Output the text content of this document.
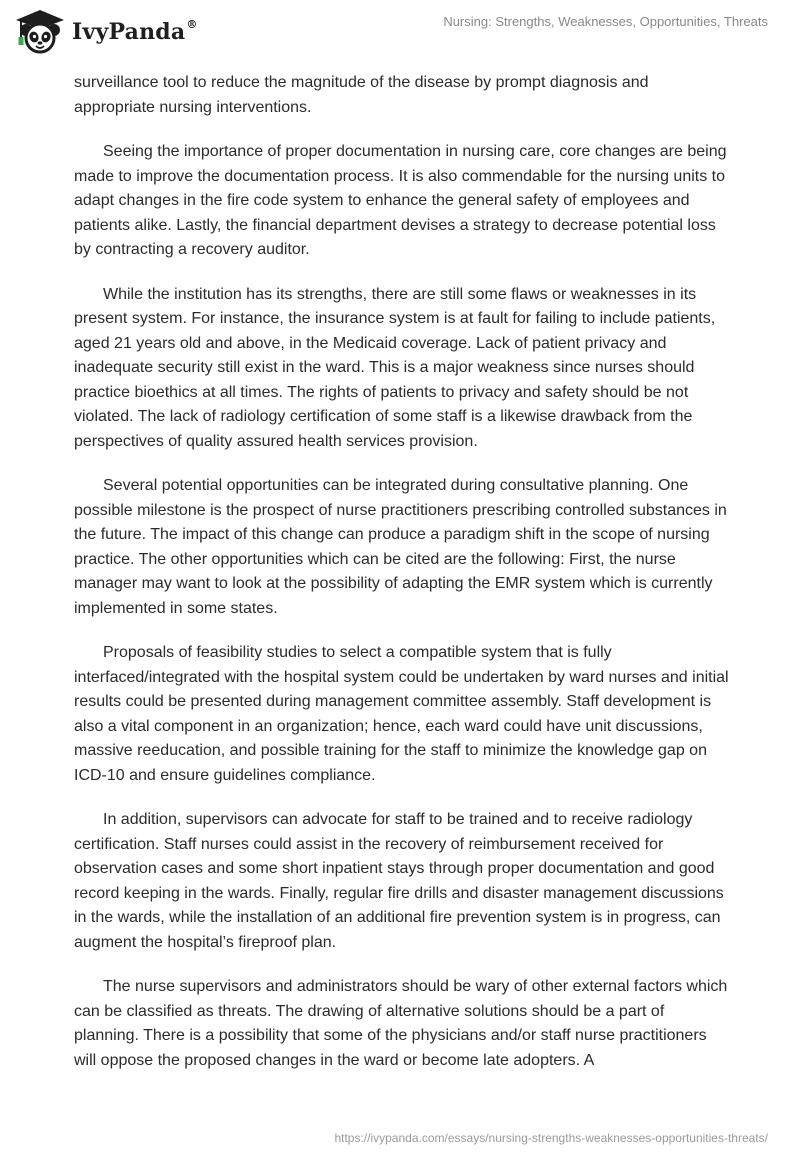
IvyPanda®	Nursing: Strengths, Weaknesses, Opportunities, Threats

surveillance tool to reduce the magnitude of the disease by prompt diagnosis and appropriate nursing interventions.

Seeing the importance of proper documentation in nursing care, core changes are being made to improve the documentation process. It is also commendable for the nursing units to adapt changes in the fire code system to enhance the general safety of employees and patients alike. Lastly, the financial department devises a strategy to decrease potential loss by contracting a recovery auditor.

While the institution has its strengths, there are still some flaws or weaknesses in its present system. For instance, the insurance system is at fault for failing to include patients, aged 21 years old and above, in the Medicaid coverage. Lack of patient privacy and inadequate security still exist in the ward. This is a major weakness since nurses should practice bioethics at all times. The rights of patients to privacy and safety should be not violated. The lack of radiology certification of some staff is a likewise drawback from the perspectives of quality assured health services provision.

Several potential opportunities can be integrated during consultative planning. One possible milestone is the prospect of nurse practitioners prescribing controlled substances in the future. The impact of this change can produce a paradigm shift in the scope of nursing practice. The other opportunities which can be cited are the following: First, the nurse manager may want to look at the possibility of adapting the EMR system which is currently implemented in some states.

Proposals of feasibility studies to select a compatible system that is fully interfaced/integrated with the hospital system could be undertaken by ward nurses and initial results could be presented during management committee assembly. Staff development is also a vital component in an organization; hence, each ward could have unit discussions, massive reeducation, and possible training for the staff to minimize the knowledge gap on ICD-10 and ensure guidelines compliance.

In addition, supervisors can advocate for staff to be trained and to receive radiology certification. Staff nurses could assist in the recovery of reimbursement received for observation cases and some short inpatient stays through proper documentation and good record keeping in the wards. Finally, regular fire drills and disaster management discussions in the wards, while the installation of an additional fire prevention system is in progress, can augment the hospital’s fireproof plan.

The nurse supervisors and administrators should be wary of other external factors which can be classified as threats. The drawing of alternative solutions should be a part of planning. There is a possibility that some of the physicians and/or staff nurse practitioners will oppose the proposed changes in the ward or become late adopters. A

https://ivypanda.com/essays/nursing-strengths-weaknesses-opportunities-threats/
